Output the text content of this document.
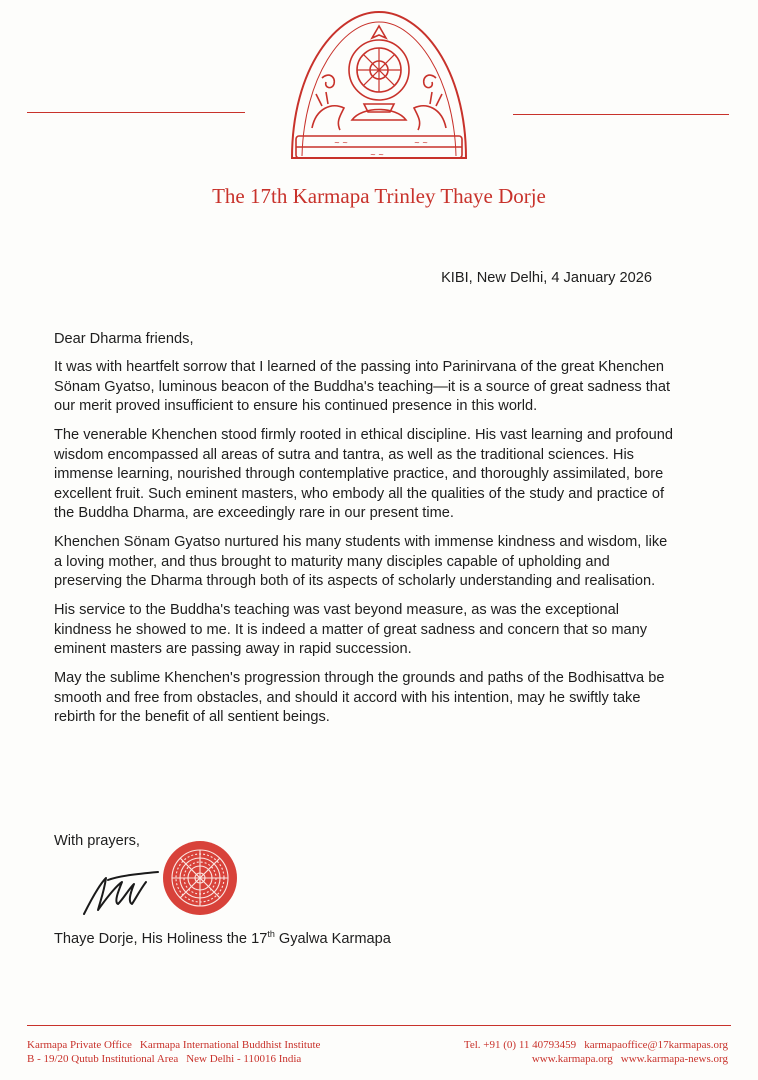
~ ~
~ ~
~ ~
The 17th Karmapa Trinley Thaye Dorje
KIBI, New Delhi, 4 January 2026

Dear Dharma friends,

It was with heartfelt sorrow that I learned of the passing into Parinirvana of the great Khenchen Sönam Gyatso, luminous beacon of the Buddha's teaching—it is a source of great sadness that our merit proved insufficient to ensure his continued presence in this world.

The venerable Khenchen stood firmly rooted in ethical discipline. His vast learning and profound wisdom encompassed all areas of sutra and tantra, as well as the traditional sciences. His immense learning, nourished through contemplative practice, and thoroughly assimilated, bore excellent fruit. Such eminent masters, who embody all the qualities of the study and practice of the Buddha Dharma, are exceedingly rare in our present time.

Khenchen Sönam Gyatso nurtured his many students with immense kindness and wisdom, like a loving mother, and thus brought to maturity many disciples capable of upholding and preserving the Dharma through both of its aspects of scholarly understanding and realisation.

His service to the Buddha's teaching was vast beyond measure, as was the exceptional kindness he showed to me. It is indeed a matter of great sadness and concern that so many eminent masters are passing away in rapid succession.

May the sublime Khenchen's progression through the grounds and paths of the Bodhisattva be smooth and free from obstacles, and should it accord with his intention, may he swiftly take rebirth for the benefit of all sentient beings.

With prayers,
Thaye Dorje, His Holiness the 17th Gyalwa Karmapa
Karmapa Private Office Karmapa International Buddhist Institute
B - 19/20 Qutub Institutional Area New Delhi - 110016 India
Tel. +91 (0) 11 40793459 karmapaoffice@17karmapas.org
www.karmapa.org www.karmapa-news.org
